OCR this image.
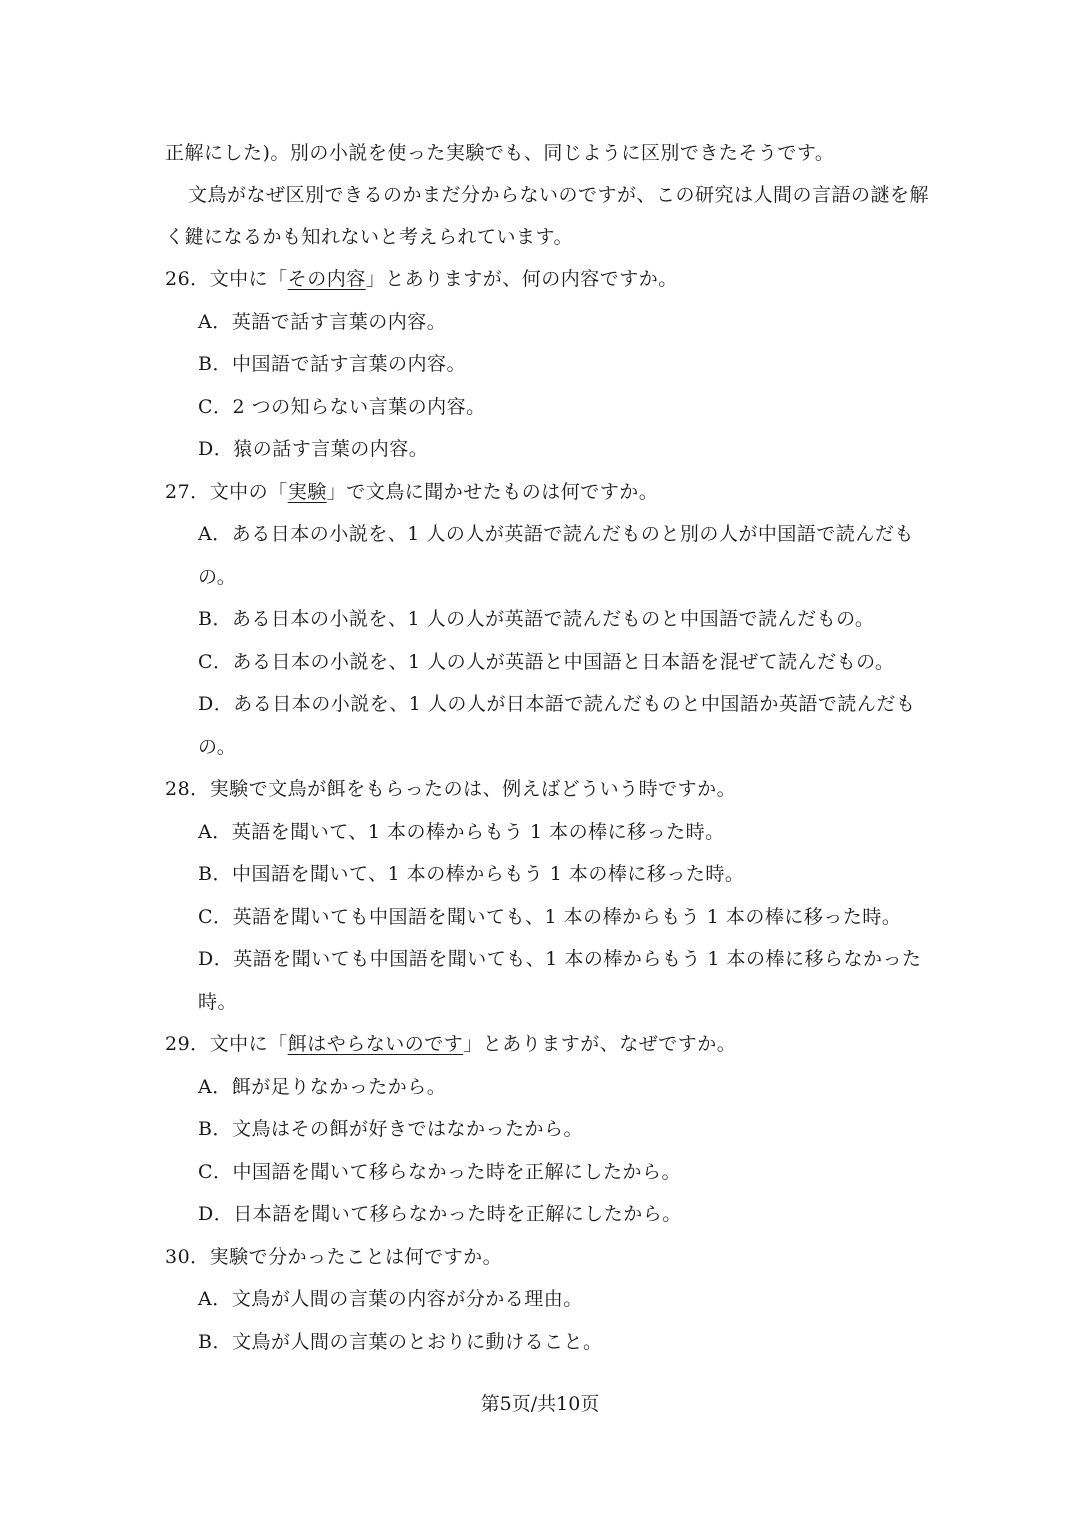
正解にした)。別の小説を使った実験でも、同じように区別できたそうです。
文鳥がなぜ区別できるのかまだ分からないのですが、この研究は人間の言語の謎を解
く鍵になるかも知れないと考えられています。
26．文中に「その内容」とありますが、何の内容ですか。
A．英語で話す言葉の内容。
B．中国語で話す言葉の内容。
C．2 つの知らない言葉の内容。
D．猿の話す言葉の内容。
27．文中の「実験」で文鳥に聞かせたものは何ですか。
A．ある日本の小説を、1 人の人が英語で読んだものと別の人が中国語で読んだも
の。
B．ある日本の小説を、1 人の人が英語で読んだものと中国語で読んだもの。
C．ある日本の小説を、1 人の人が英語と中国語と日本語を混ぜて読んだもの。
D．ある日本の小説を、1 人の人が日本語で読んだものと中国語か英語で読んだも
の。
28．実験で文鳥が餌をもらったのは、例えばどういう時ですか。
A．英語を聞いて、1 本の棒からもう 1 本の棒に移った時。
B．中国語を聞いて、1 本の棒からもう 1 本の棒に移った時。
C．英語を聞いても中国語を聞いても、1 本の棒からもう 1 本の棒に移った時。
D．英語を聞いても中国語を聞いても、1 本の棒からもう 1 本の棒に移らなかった
時。
29．文中に「餌はやらないのです」とありますが、なぜですか。
A．餌が足りなかったから。
B．文鳥はその餌が好きではなかったから。
C．中国語を聞いて移らなかった時を正解にしたから。
D．日本語を聞いて移らなかった時を正解にしたから。
30．実験で分かったことは何ですか。
A．文鳥が人間の言葉の内容が分かる理由。
B．文鳥が人間の言葉のとおりに動けること。
第5页/共10页
